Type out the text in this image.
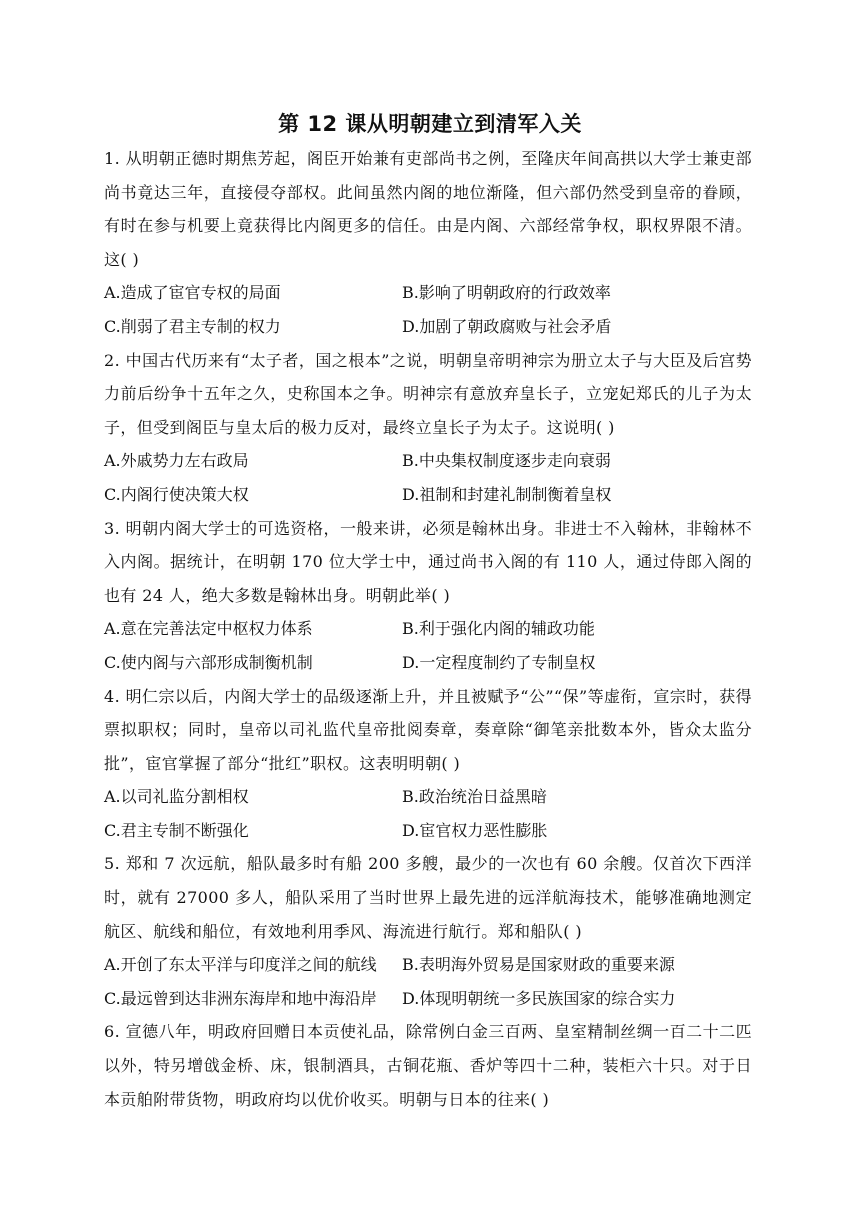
第 12 课从明朝建立到清军入关

1. 从明朝正德时期焦芳起，阁臣开始兼有吏部尚书之例，至隆庆年间高拱以大学士兼吏部尚书竟达三年，直接侵夺部权。此间虽然内阁的地位渐隆，但六部仍然受到皇帝的眷顾，有时在参与机要上竟获得比内阁更多的信任。由是内阁、六部经常争权，职权界限不清。这( )

A.造成了宦官专权的局面	B.影响了明朝政府的行政效率
C.削弱了君主专制的权力	D.加剧了朝政腐败与社会矛盾

2. 中国古代历来有“太子者，国之根本”之说，明朝皇帝明神宗为册立太子与大臣及后宫势力前后纷争十五年之久，史称国本之争。明神宗有意放弃皇长子，立宠妃郑氏的儿子为太子，但受到阁臣与皇太后的极力反对，最终立皇长子为太子。这说明( )

A.外戚势力左右政局	B.中央集权制度逐步走向衰弱
C.内阁行使决策大权	D.祖制和封建礼制制衡着皇权

3. 明朝内阁大学士的可选资格，一般来讲，必须是翰林出身。非进士不入翰林，非翰林不入内阁。据统计，在明朝 170 位大学士中，通过尚书入阁的有 110 人，通过侍郎入阁的也有 24 人，绝大多数是翰林出身。明朝此举( )

A.意在完善法定中枢权力体系	B.利于强化内阁的辅政功能
C.使内阁与六部形成制衡机制	D.一定程度制约了专制皇权

4. 明仁宗以后，内阁大学士的品级逐渐上升，并且被赋予“公”“保”等虚衔，宣宗时，获得票拟职权；同时，皇帝以司礼监代皇帝批阅奏章，奏章除“御笔亲批数本外，皆众太监分批”，宦官掌握了部分“批红”职权。这表明明朝( )

A.以司礼监分割相权	B.政治统治日益黑暗
C.君主专制不断强化	D.宦官权力恶性膨胀

5. 郑和 7 次远航，船队最多时有船 200 多艘，最少的一次也有 60 余艘。仅首次下西洋时，就有 27000 多人，船队采用了当时世界上最先进的远洋航海技术，能够准确地测定航区、航线和船位，有效地利用季风、海流进行航行。郑和船队( )

A.开创了东太平洋与印度洋之间的航线	B.表明海外贸易是国家财政的重要来源
C.最远曾到达非洲东海岸和地中海沿岸	D.体现明朝统一多民族国家的综合实力

6. 宣德八年，明政府回赠日本贡使礼品，除常例白金三百两、皇室精制丝绸一百二十二匹以外，特另增戗金桥、床，银制酒具，古铜花瓶、香炉等四十二种，装柜六十只。对于日本贡舶附带货物，明政府均以优价收买。明朝与日本的往来( )
